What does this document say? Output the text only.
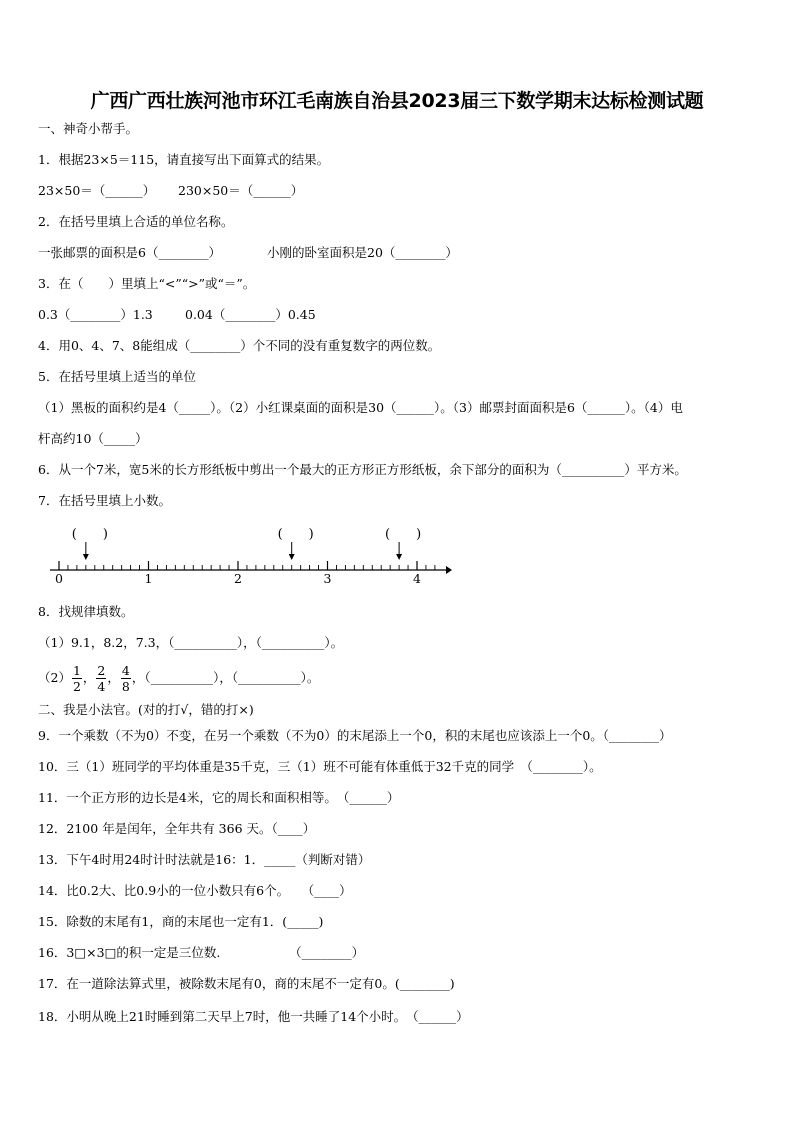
广西广西壮族河池市环江毛南族自治县2023届三下数学期末达标检测试题
一、神奇小帮手。
1．根据23×5＝115，请直接写出下面算式的结果。
23×50＝（______） 230×50＝（______）
2．在括号里填上合适的单位名称。
一张邮票的面积是6（________）	小刚的卧室面积是20（________）
3．在（　　）里填上“<”“>”或“＝”。
0.3（________）1.3	0.04（________）0.45
4．用0、4、7、8能组成（________）个不同的没有重复数字的两位数。
5．在括号里填上适当的单位
（1）黑板的面积约是4（_____）。（2）小红课桌面的面积是30（______）。（3）邮票封面面积是6（______）。（4）电
杆高约10（_____）
6．从一个7米，宽5米的长方形纸板中剪出一个最大的正方形正方形纸板，余下部分的面积为（__________）平方米。
7．在括号里填上小数。
(　　)	(　　)	(　　)
0	1	2	3	4
8．找规律填数。
（1）9.1，8.2，7.3，（__________），（__________）。
$(2) \frac{1}{2}$ ， $\frac{2}{4}$ ， $\frac{4}{8}$ ，（__________），（__________）。
二、我是小法官。(对的打√，错的打×)
9．一个乘数（不为0）不变，在另一个乘数（不为0）的末尾添上一个0，积的末尾也应该添上一个0。（________）
10．三（1）班同学的平均体重是35千克，三（1）班不可能有体重低于32千克的同学　（________）。
11．一个正方形的边长是4米，它的周长和面积相等。　（______）
12．2100 年是闰年，全年共有 366 天。（____）
13．下午4时用24时计时法就是16：1．_____（判断对错）
14．比0.2大、比0.9小的一位小数只有6个。　　（____）
15．除数的末尾有1，商的末尾也一定有1．(_____)
16．3□×3□的积一定是三位数.　　　　　　（________）
17．在一道除法算式里，被除数末尾有0，商的末尾不一定有0。(________)
18．小明从晚上21时睡到第二天早上7时，他一共睡了14个小时。　（______）
